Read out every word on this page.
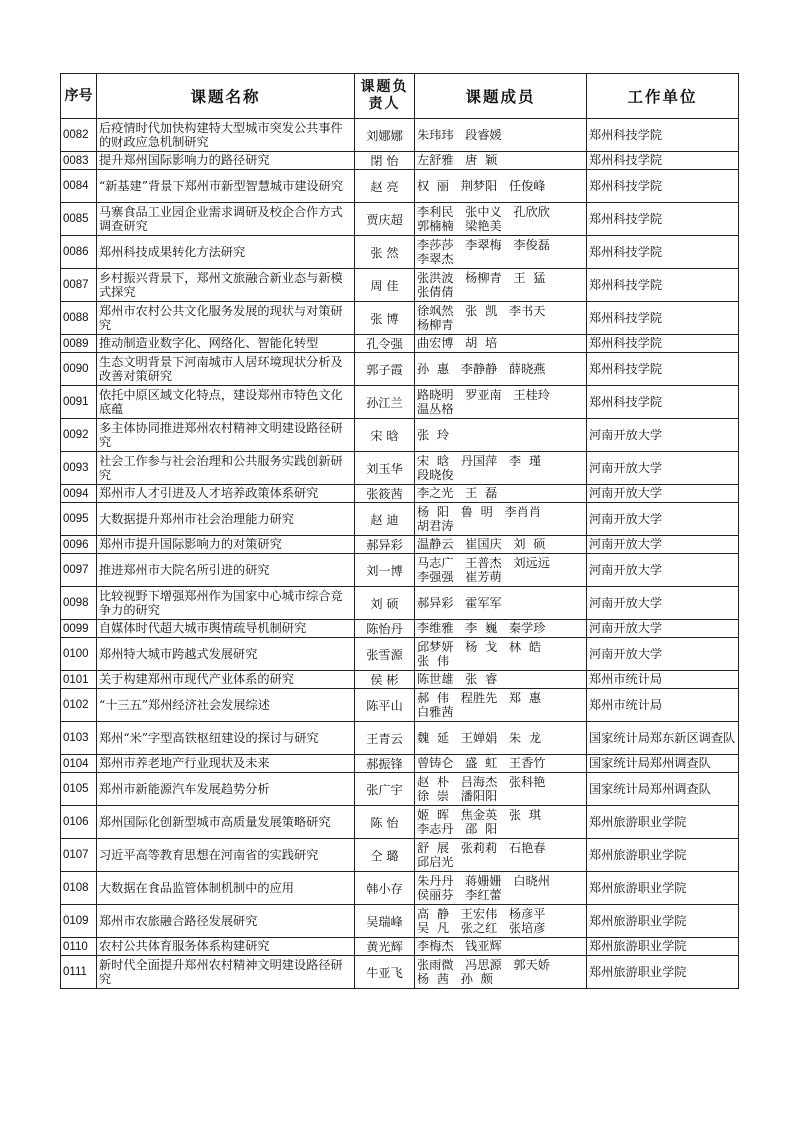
序号	课题名称	课题负责人	课题成员	工作单位
0082	后疫情时代加快构建特大型城市突发公共事件的财政应急机制研究	刘娜娜	朱玮玮   段睿媛	郑州科技学院
0083	提升郑州国际影响力的路径研究	閉 怡	左舒雅   唐  颖	郑州科技学院
0084	“新基建”背景下郑州市新型智慧城市建设研究	赵 亮	权  丽   荆梦阳   任俊峰	郑州科技学院
0085	马寨食品工业园企业需求调研及校企合作方式调查研究	贾庆超	李利民   张中义   孔欣欣
郭楠楠   梁艳美	郑州科技学院
0086	郑州科技成果转化方法研究	张 然	李莎莎   李翠梅   李俊磊
李翠杰	郑州科技学院
0087	乡村振兴背景下，郑州文旅融合新业态与新模式探究	周 佳	张洪波   杨柳青   王  猛
张倩倩	郑州科技学院
0088	郑州市农村公共文化服务发展的现状与对策研究	张 博	徐飒然   张  凯   李书天
杨柳青	郑州科技学院
0089	推动制造业数字化、网络化、智能化转型	孔令强	曲宏博   胡  培	郑州科技学院
0090	生态文明背景下河南城市人居环境现状分析及改善对策研究	郭子霞	孙  惠   李静静   薛晓燕	郑州科技学院
0091	依托中原区域文化特点，建设郑州市特色文化底蕴	孙江兰	路晓明   罗亚南   王桂玲
温丛格	郑州科技学院
0092	多主体协同推进郑州农村精神文明建设路径研究	宋 晗	张  玲	河南开放大学
0093	社会工作参与社会治理和公共服务实践创新研究	刘玉华	宋  晗   丹国萍   李  瑾
段晓俊	河南开放大学
0094	郑州市人才引进及人才培养政策体系研究	张筱茜	李之光   王  磊	河南开放大学
0095	大数据提升郑州市社会治理能力研究	赵 迪	杨  阳   鲁  明   李肖肖
胡君涛	河南开放大学
0096	郑州市提升国际影响力的对策研究	郝异彩	温静云   崔国庆   刘  硕	河南开放大学
0097	推进郑州市大院名所引进的研究	刘一博	马志广   王普杰   刘远远
李强强   崔芳萌	河南开放大学
0098	比较视野下增强郑州作为国家中心城市综合竞争力的研究	刘 硕	郝异彩   霍军军	河南开放大学
0099	自媒体时代超大城市舆情疏导机制研究	陈怡丹	李维雅   李  巍   秦学珍	河南开放大学
0100	郑州特大城市跨越式发展研究	张雪源	邱梦妍   杨  戈   林  皓
张  伟	河南开放大学
0101	关于构建郑州市现代产业体系的研究	侯 彬	陈世雄   张  睿	郑州市统计局
0102	“十三五”郑州经济社会发展综述	陈平山	郝  伟   程胜先   郑  惠
白雅茜	郑州市统计局
0103	郑州“米”字型高铁枢纽建设的探讨与研究	王青云	魏  延   王婵娟   朱  龙	国家统计局郑东新区调查队
0104	郑州市养老地产行业现状及未来	郝振锋	曾铸仑   盛  虹   王香竹	国家统计局郑州调查队
0105	郑州市新能源汽车发展趋势分析	张广宇	赵  朴   吕海杰   张科艳
徐  崇   潘阳阳	国家统计局郑州调查队
0106	郑州国际化创新型城市高质量发展策略研究	陈 怡	姬  晖   焦金英   张  琪
李志丹   邵  阳	郑州旅游职业学院
0107	习近平高等教育思想在河南省的实践研究	仝 璐	舒  展   张莉莉   石艳春
邱启光	郑州旅游职业学院
0108	大数据在食品监管体制机制中的应用	韩小存	朱丹丹   蒋姗姗   白晓州
侯丽芬   李红蕾	郑州旅游职业学院
0109	郑州市农旅融合路径发展研究	吴瑞峰	高  静   王宏伟   杨彦平
吴  凡   张之红   张培彦	郑州旅游职业学院
0110	农村公共体育服务体系构建研究	黄光辉	李梅杰   钱亚辉	郑州旅游职业学院
0111	新时代全面提升郑州农村精神文明建设路径研究	牛亚飞	张雨微   冯思源   郭天娇
杨  茜   孙  颇	郑州旅游职业学院
